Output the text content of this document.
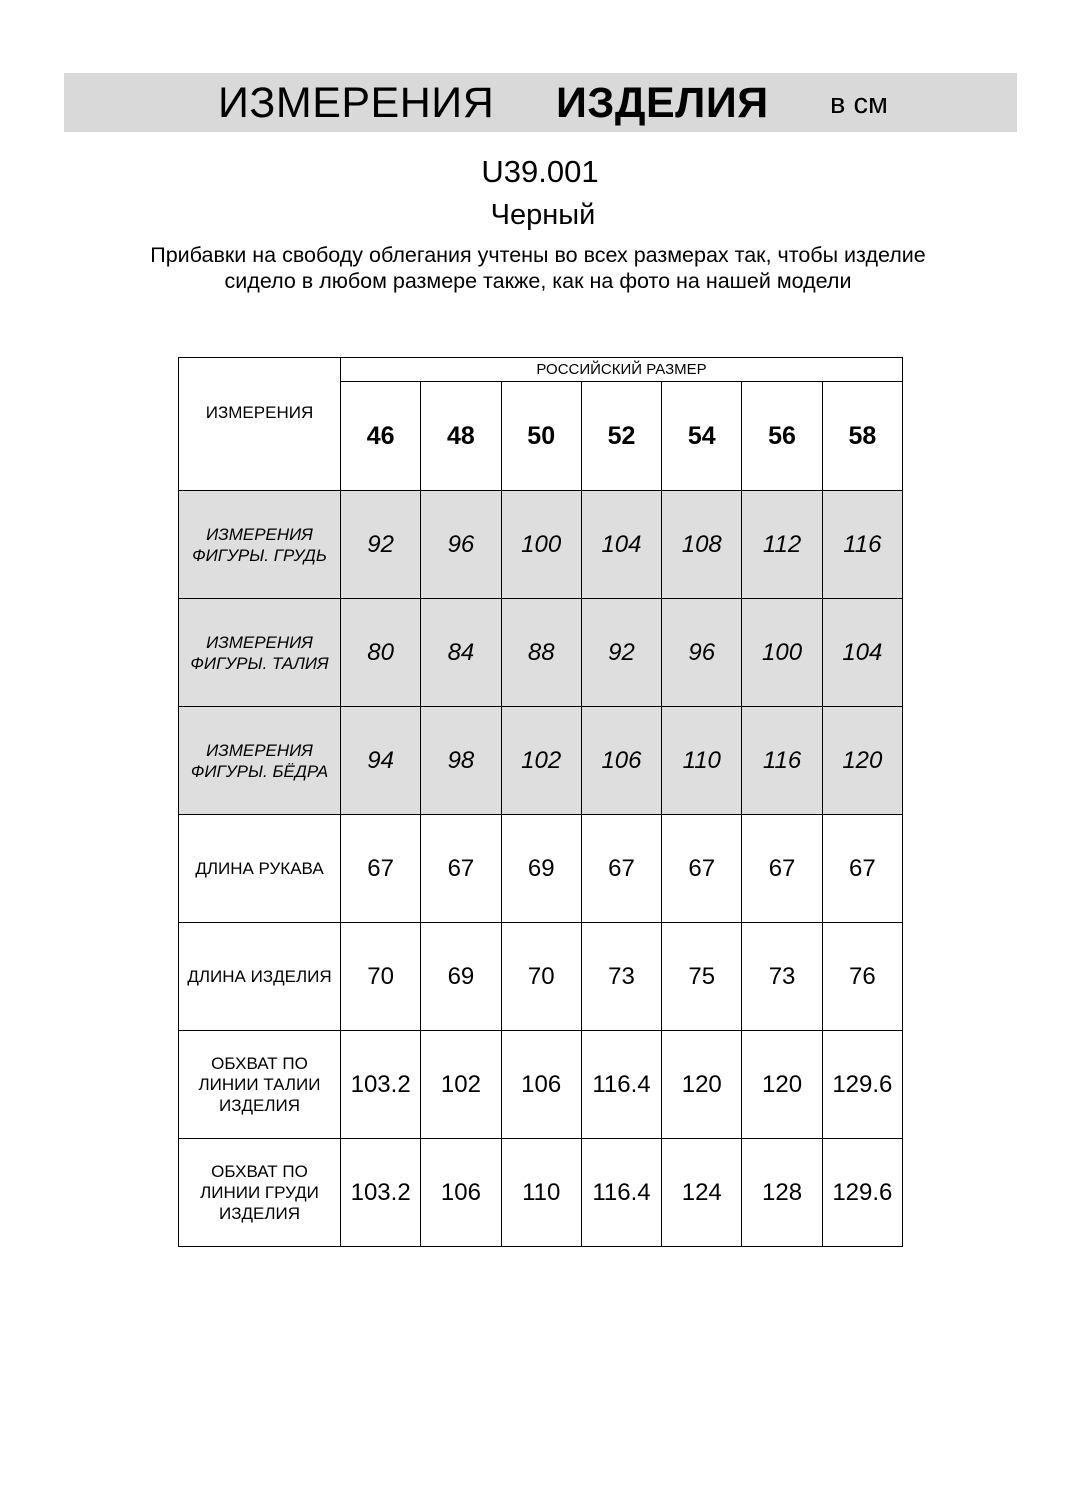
ИЗМЕРЕНИЯ ИЗДЕЛИЯ в см
U39.001
Черный
Прибавки на свободу облегания учтены во всех размерах так, чтобы изделие сидело в любом размере также, как на фото на нашей модели
ИЗМЕРЕНИЯ	РОССИЙСКИЙ РАЗМЕР						
	46	48	50	52	54	56	58
ИЗМЕРЕНИЯ ФИГУРЫ. ГРУДЬ	92	96	100	104	108	112	116
ИЗМЕРЕНИЯ ФИГУРЫ. ТАЛИЯ	80	84	88	92	96	100	104
ИЗМЕРЕНИЯ ФИГУРЫ. БЁДРА	94	98	102	106	110	116	120
ДЛИНА РУКАВА	67	67	69	67	67	67	67
ДЛИНА ИЗДЕЛИЯ	70	69	70	73	75	73	76
ОБХВАТ ПО ЛИНИИ ТАЛИИ ИЗДЕЛИЯ	103.2	102	106	116.4	120	120	129.6
ОБХВАТ ПО ЛИНИИ ГРУДИ ИЗДЕЛИЯ	103.2	106	110	116.4	124	128	129.6
